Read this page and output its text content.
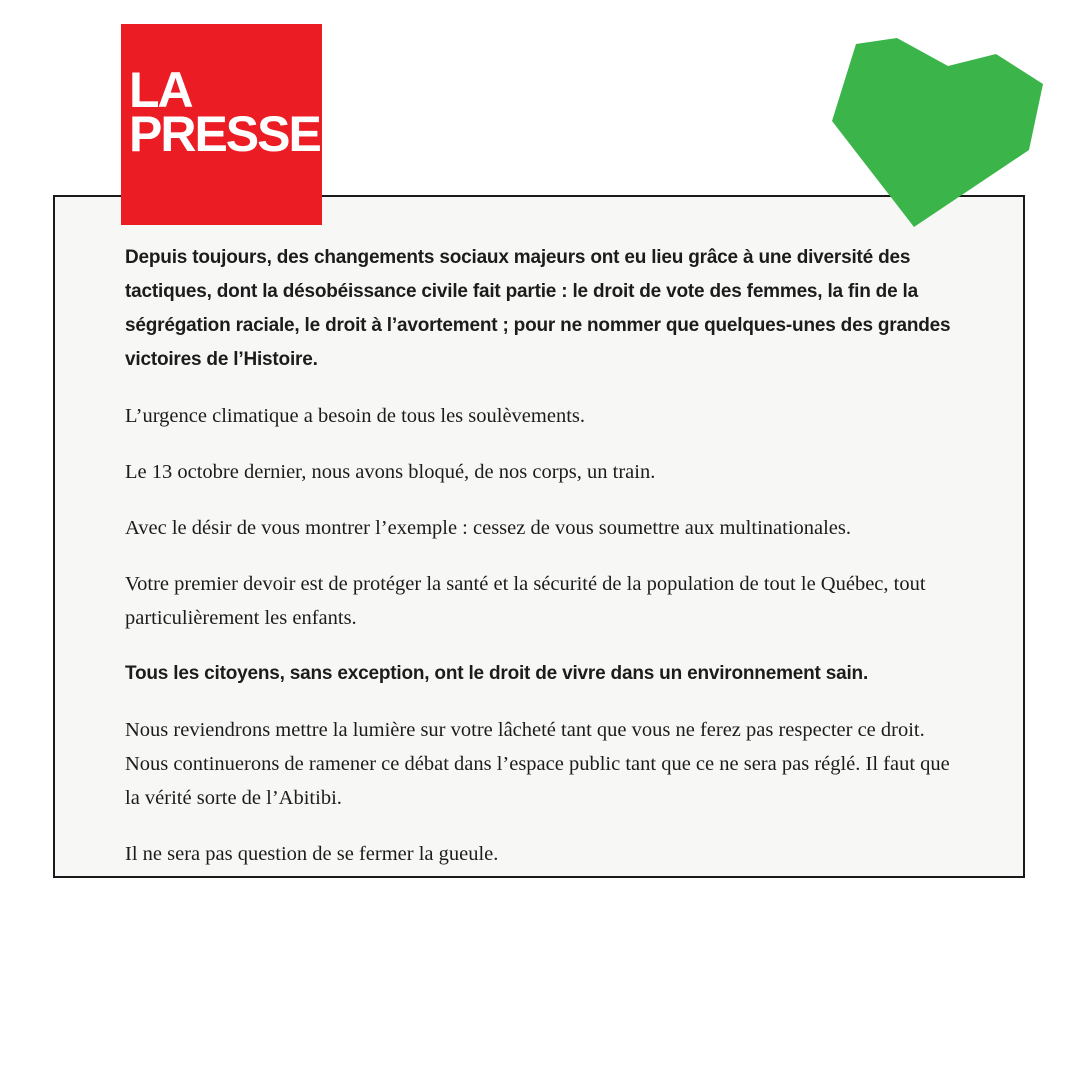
LA
PRESSE

Depuis toujours, des changements sociaux majeurs ont eu lieu grâce à une diversité des tactiques, dont la désobéissance civile fait partie : le droit de vote des femmes, la fin de la ségrégation raciale, le droit à l’avortement ; pour ne nommer que quelques-unes des grandes victoires de l’Histoire.

L’urgence climatique a besoin de tous les soulèvements.

Le 13 octobre dernier, nous avons bloqué, de nos corps, un train.

Avec le désir de vous montrer l’exemple : cessez de vous soumettre aux multinationales.

Votre premier devoir est de protéger la santé et la sécurité de la population de tout le Québec, tout particulièrement les enfants.

Tous les citoyens, sans exception, ont le droit de vivre dans un environnement sain.

Nous reviendrons mettre la lumière sur votre lâcheté tant que vous ne ferez pas respecter ce droit. Nous continuerons de ramener ce débat dans l’espace public tant que ce ne sera pas réglé. Il faut que la vérité sorte de l’Abitibi.

Il ne sera pas question de se fermer la gueule.
